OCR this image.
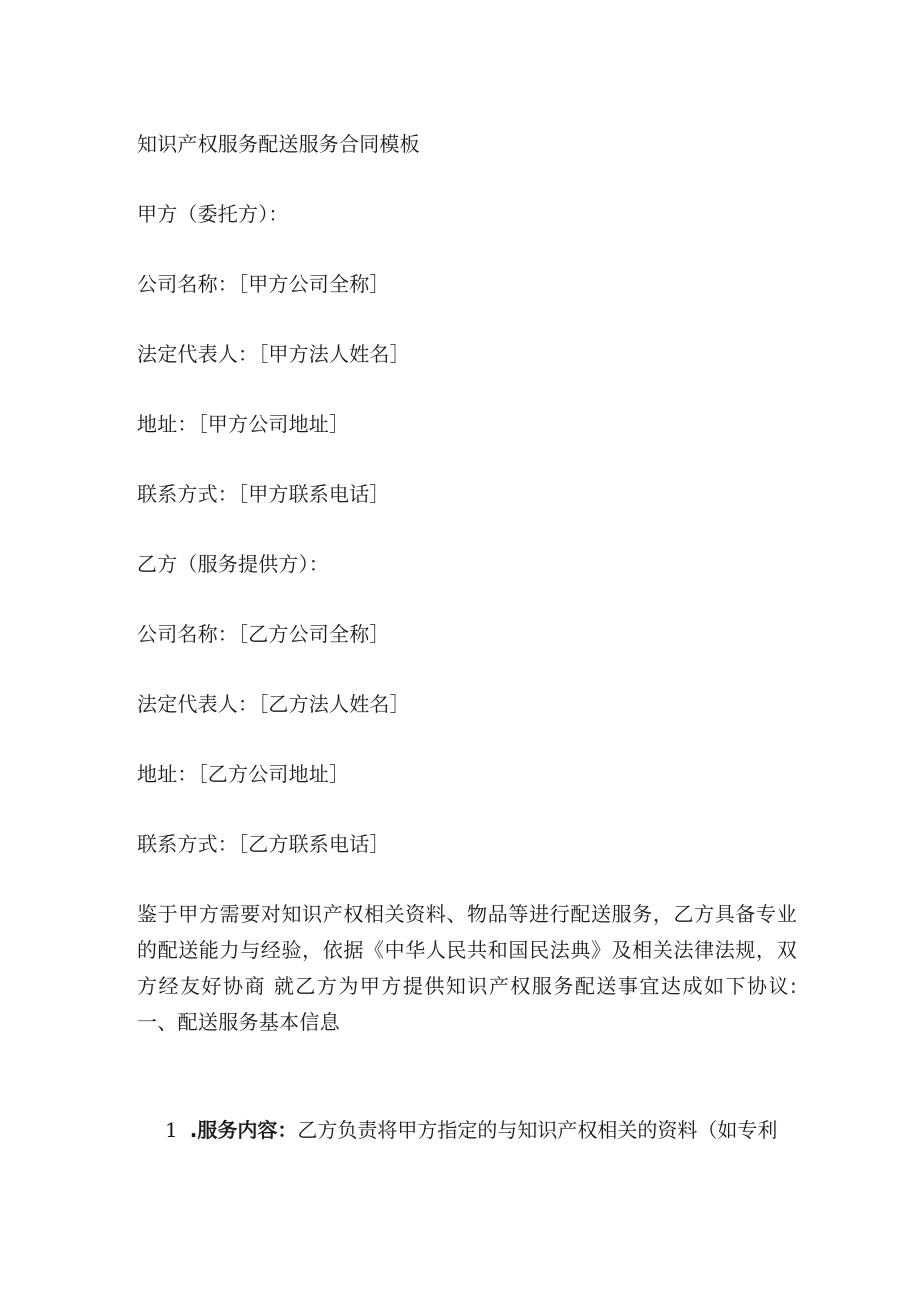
知识产权服务配送服务合同模板
甲方（委托方）：
公司名称：［甲方公司全称］
法定代表人：［甲方法人姓名］
地址：［甲方公司地址］
联系方式：［甲方联系电话］
乙方（服务提供方）：
公司名称：［乙方公司全称］
法定代表人：［乙方法人姓名］
地址：［乙方公司地址］
联系方式：［乙方联系电话］
鉴于甲方需要对知识产权相关资料、物品等进行配送服务，乙方具备专业的配送能力与经验，依据《中华人民共和国民法典》及相关法律法规，双方经友好协商 就乙方为甲方提供知识产权服务配送事宜达成如下协议:一、配送服务基本信息
1 .服务内容：乙方负责将甲方指定的与知识产权相关的资料（如专利
